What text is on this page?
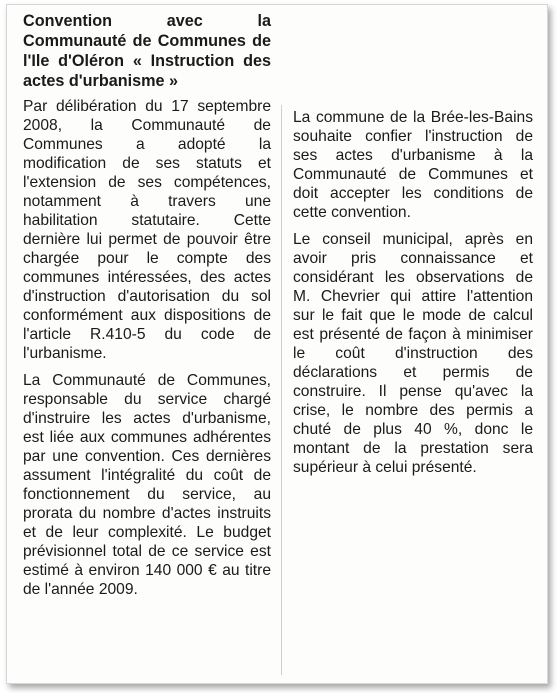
Convention avec la Communauté de Communes de l'Ile d'Oléron « Instruction des actes d'urbanisme »

Par délibération du 17 septembre 2008, la Communauté de Communes a adopté la modification de ses statuts et l'extension de ses compétences, notamment à travers une habilitation statutaire. Cette dernière lui permet de pouvoir être chargée pour le compte des communes intéressées, des actes d'instruction d'autorisation du sol conformément aux dispositions de l'article R.410-5 du code de l'urbanisme.

La Communauté de Communes, responsable du service chargé d'instruire les actes d'urbanisme, est liée aux communes adhérentes par une convention. Ces dernières assument l'intégralité du coût de fonctionnement du service, au prorata du nombre d'actes instruits et de leur complexité. Le budget prévisionnel total de ce service est estimé à environ 140 000 € au titre de l'année 2009.

La commune de la Brée-les-Bains souhaite confier l'instruction de ses actes d'urbanisme à la Communauté de Communes et doit accepter les conditions de cette convention.

Le conseil municipal, après en avoir pris connaissance et considérant les observations de M. Chevrier qui attire l'attention sur le fait que le mode de calcul est présenté de façon à minimiser le coût d'instruction des déclarations et permis de construire. Il pense qu'avec la crise, le nombre des permis a chuté de plus 40 %, donc le montant de la prestation sera supérieur à celui présenté.
